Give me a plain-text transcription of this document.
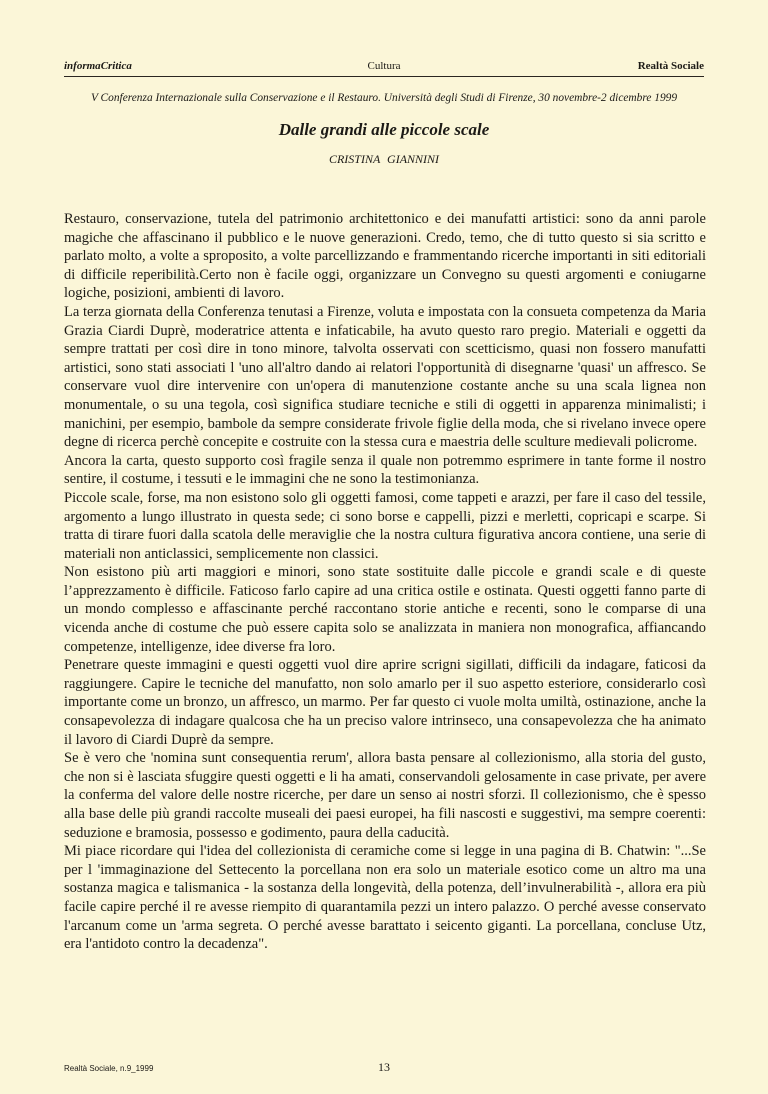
informaCritica	Cultura	Realtà Sociale
V Conferenza Internazionale sulla Conservazione e il Restauro. Università degli Studi di Firenze, 30 novembre-2 dicembre 1999
Dalle grandi alle piccole scale
CRISTINA GIANNINI

Restauro, conservazione, tutela del patrimonio architettonico e dei manufatti artistici: sono da anni parole magiche che affascinano il pubblico e le nuove generazioni. Credo, temo, che di tutto questo si sia scritto e parlato molto, a volte a sproposito, a volte parcellizzando e frammentando ricerche importanti in siti editoriali di difficile reperibilità.Certo non è facile oggi, organizzare un Convegno su questi argomenti e coniugarne logiche, posizioni, ambienti di lavoro.

La terza giornata della Conferenza tenutasi a Firenze, voluta e impostata con la consueta competenza da Maria Grazia Ciardi Duprè, moderatrice attenta e infaticabile, ha avuto questo raro pregio. Materiali e oggetti da sempre trattati per così dire in tono minore, talvolta osservati con scetticismo, quasi non fossero manufatti artistici, sono stati associati l 'uno all'altro dando ai relatori l'opportunità di disegnarne 'quasi' un affresco. Se conservare vuol dire intervenire con un'opera di manutenzione costante anche su una scala lignea non monumentale, o su una tegola, così significa studiare tecniche e stili di oggetti in apparenza minimalisti; i manichini, per esempio, bambole da sempre considerate frivole figlie della moda, che si rivelano invece opere degne di ricerca perchè concepite e costruite con la stessa cura e maestria delle sculture medievali policrome.

Ancora la carta, questo supporto così fragile senza il quale non potremmo esprimere in tante forme il nostro sentire, il costume, i tessuti e le immagini che ne sono la testimonianza.

Piccole scale, forse, ma non esistono solo gli oggetti famosi, come tappeti e arazzi, per fare il caso del tessile, argomento a lungo illustrato in questa sede; ci sono borse e cappelli, pizzi e merletti, copricapi e scarpe. Si tratta di tirare fuori dalla scatola delle meraviglie che la nostra cultura figurativa ancora contiene, una serie di materiali non anticlassici, semplicemente non classici.

Non esistono più arti maggiori e minori, sono state sostituite dalle piccole e grandi scale e di queste l’apprezzamento è difficile. Faticoso farlo capire ad una critica ostile e ostinata. Questi oggetti fanno parte di un mondo complesso e affascinante perché raccontano storie antiche e recenti, sono le comparse di una vicenda anche di costume che può essere capita solo se analizzata in maniera non monografica, affiancando competenze, intelligenze, idee diverse fra loro.

Penetrare queste immagini e questi oggetti vuol dire aprire scrigni sigillati, difficili da indagare, faticosi da raggiungere. Capire le tecniche del manufatto, non solo amarlo per il suo aspetto esteriore, considerarlo così importante come un bronzo, un affresco, un marmo. Per far questo ci vuole molta umiltà, ostinazione, anche la consapevolezza di indagare qualcosa che ha un preciso valore intrinseco, una consapevolezza che ha animato il lavoro di Ciardi Duprè da sempre.

Se è vero che 'nomina sunt consequentia rerum', allora basta pensare al collezionismo, alla storia del gusto, che non si è lasciata sfuggire questi oggetti e li ha amati, conservandoli gelosamente in case private, per avere la conferma del valore delle nostre ricerche, per dare un senso ai nostri sforzi. Il collezionismo, che è spesso alla base delle più grandi raccolte museali dei paesi europei, ha fili nascosti e suggestivi, ma sempre coerenti: seduzione e bramosia, possesso e godimento, paura della caducità.

Mi piace ricordare qui l'idea del collezionista di ceramiche come si legge in una pagina di B. Chatwin: "...Se per l 'immaginazione del Settecento la porcellana non era solo un materiale esotico come un altro ma una sostanza magica e talismanica - la sostanza della longevità, della potenza, dell’invulnerabilità -, allora era più facile capire perché il re avesse riempito di quarantamila pezzi un intero palazzo. O perché avesse conservato l'arcanum come un 'arma segreta. O perché avesse barattato i seicento giganti. La porcellana, concluse Utz, era l'antidoto contro la decadenza".

Realtà Sociale, n.9_1999	13
